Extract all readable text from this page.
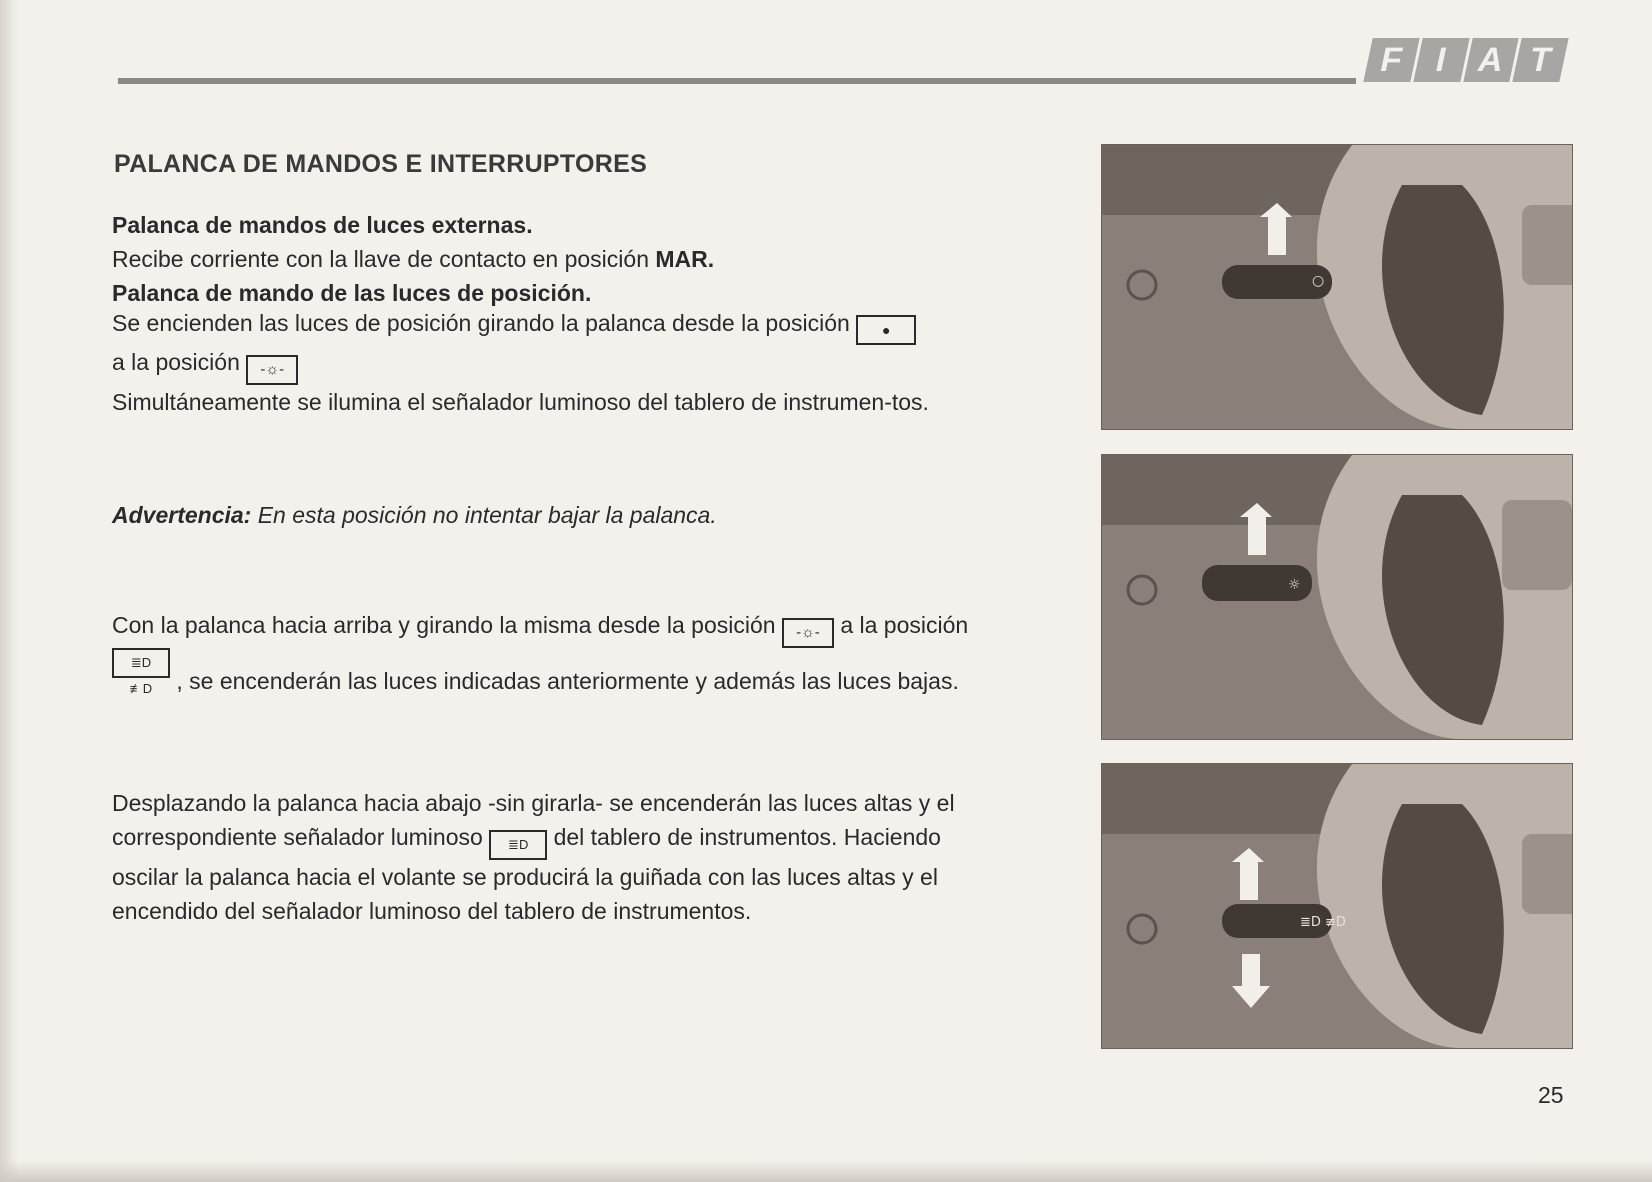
F I A T
PALANCA DE MANDOS E INTERRUPTORES

Palanca de mandos de luces externas.

Recibe corriente con la llave de contacto en posición MAR.

Palanca de mando de las luces de posición.

Se encienden las luces de posición girando la palanca desde la posición ●
a la posición -☼-
Simultáneamente se ilumina el señalador luminoso del tablero de instrumen-tos.

Advertencia: En esta posición no intentar bajar la palanca.

Con la palanca hacia arriba y girando la misma desde la posición -☼- a la posición ≣D ≢D , se encenderán las luces indicadas anteriormente y además las luces bajas.

Desplazando la palanca hacia abajo -sin girarla- se encenderán las luces altas y el correspondiente señalador luminoso ≣D del tablero de instrumentos. Haciendo oscilar la palanca hacia el volante se producirá la guiñada con las luces altas y el encendido del señalador luminoso del tablero de instrumentos.

○
☼
≣D ≢D

25
